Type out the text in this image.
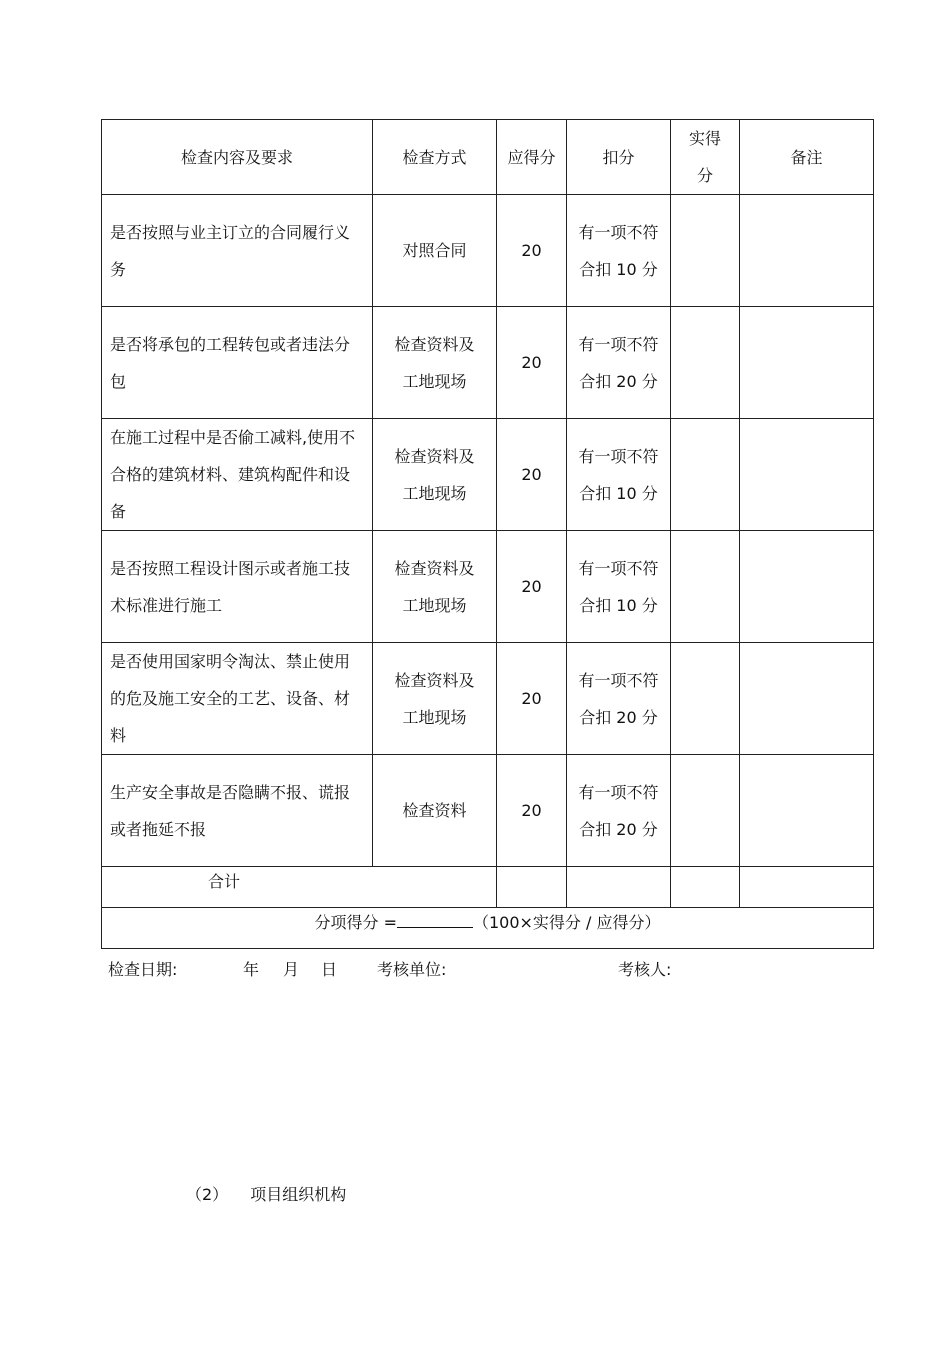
检查内容及要求	检查方式	应得分	扣分	实得分	备注
是否按照与业主订立的合同履行义务	对照合同	20	有一项不符合扣 10 分		
是否将承包的工程转包或者违法分包	检查资料及工地现场	20	有一项不符合扣 20 分		
在施工过程中是否偷工减料,使用不合格的建筑材料、建筑构配件和设备	检查资料及工地现场	20	有一项不符合扣 10 分		
是否按照工程设计图示或者施工技术标准进行施工	检查资料及工地现场	20	有一项不符合扣 10 分		
是否使用国家明令淘汰、禁止使用的危及施工安全的工艺、设备、材料	检查资料及工地现场	20	有一项不符合扣 20 分		
生产安全事故是否隐瞒不报、谎报或者拖延不报	检查资料	20	有一项不符合扣 20 分		
合计					
分项得分 = （100×实得分 / 应得分）					

检查日期:

	年

月

日

考核单位:

	考核人:

（2） 项目组织机构
